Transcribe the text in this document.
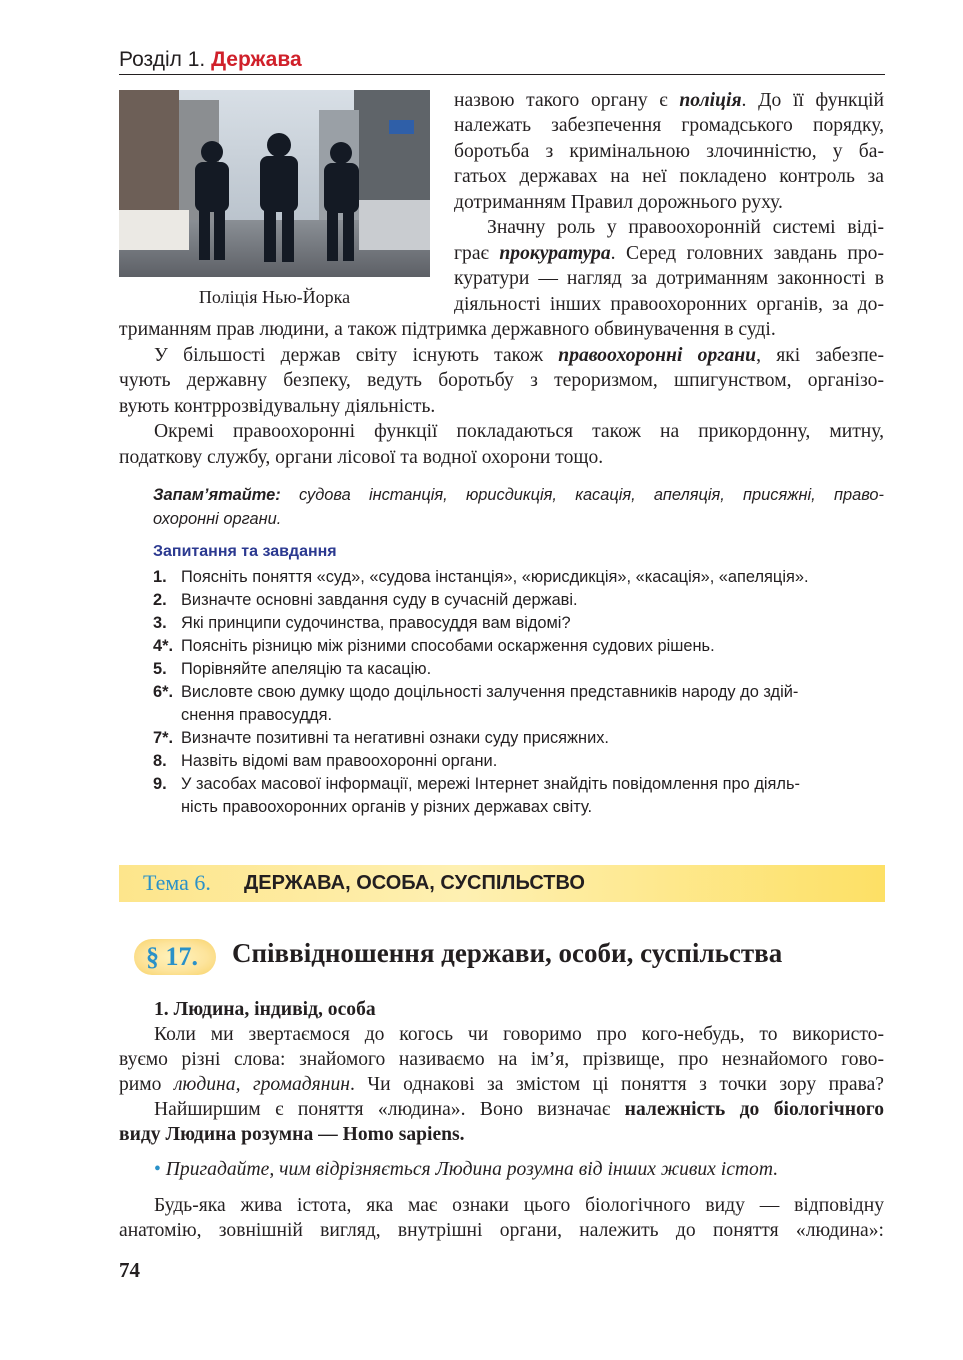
Розділ 1. Держава
Поліція Нью-Йорка
назвою такого органу є поліція. До її функцій
належать забезпечення громадського порядку,
боротьба з кримінальною злочинністю, у ба-
гатьох державах на неї покладено контроль за
дотриманням Правил дорожнього руху.
Значну роль у правоохоронній системі віді-
грає прокуратура. Серед головних завдань про-
куратури — нагляд за дотриманням законності в
діяльності інших правоохоронних органів, за до-
триманням прав людини, а також підтримка державного обвинувачення в суді.
У більшості держав світу існують також правоохоронні органи, які забезпе-
чують державну безпеку, ведуть боротьбу з тероризмом, шпигунством, організо-
вують контррозвідувальну діяльність.
Окремі правоохоронні функції покладаються також на прикордонну, митну,
податкову службу, органи лісової та водної охорони тощо.
Запам’ятайте: судова інстанція, юрисдикція, касація, апеляція, присяжні, право-
охоронні органи.
Запитання та завдання
1. Поясніть поняття «суд», «судова інстанція», «юрисдикція», «касація», «апеляція».
2. Визначте основні завдання суду в сучасній державі.
3. Які принципи судочинства, правосуддя вам відомі?
4*. Поясніть різницю між різними способами оскарження судових рішень.
5. Порівняйте апеляцію та касацію.
6*. Висловте свою думку щодо доцільності залучення представників народу до здій-
снення правосуддя.
7*. Визначте позитивні та негативні ознаки суду присяжних.
8. Назвіть відомі вам правоохоронні органи.
9. У засобах масової інформації, мережі Інтернет знайдіть повідомлення про діяль-
ність правоохоронних органів у різних державах світу.
Тема 6. ДЕРЖАВА, ОСОБА, СУСПІЛЬСТВО
§ 17. Співвідношення держави, особи, суспільства
1. Людина, індивід, особа
Коли ми звертаємося до когось чи говоримо про кого-небудь, то використо-
вуємо різні слова: знайомого називаємо на ім’я, прізвище, про незнайомого гово-
римо людина, громадянин. Чи однакові за змістом ці поняття з точки зору права?
Найширшим є поняття «людина». Воно визначає належність до біологічного
виду Людина розумна — Homo sapiens.
• Пригадайте, чим відрізняється Людина розумна від інших живих істот.
Будь-яка жива істота, яка має ознаки цього біологічного виду — відповідну
анатомію, зовнішній вигляд, внутрішні органи, належить до поняття «людина»:
74
